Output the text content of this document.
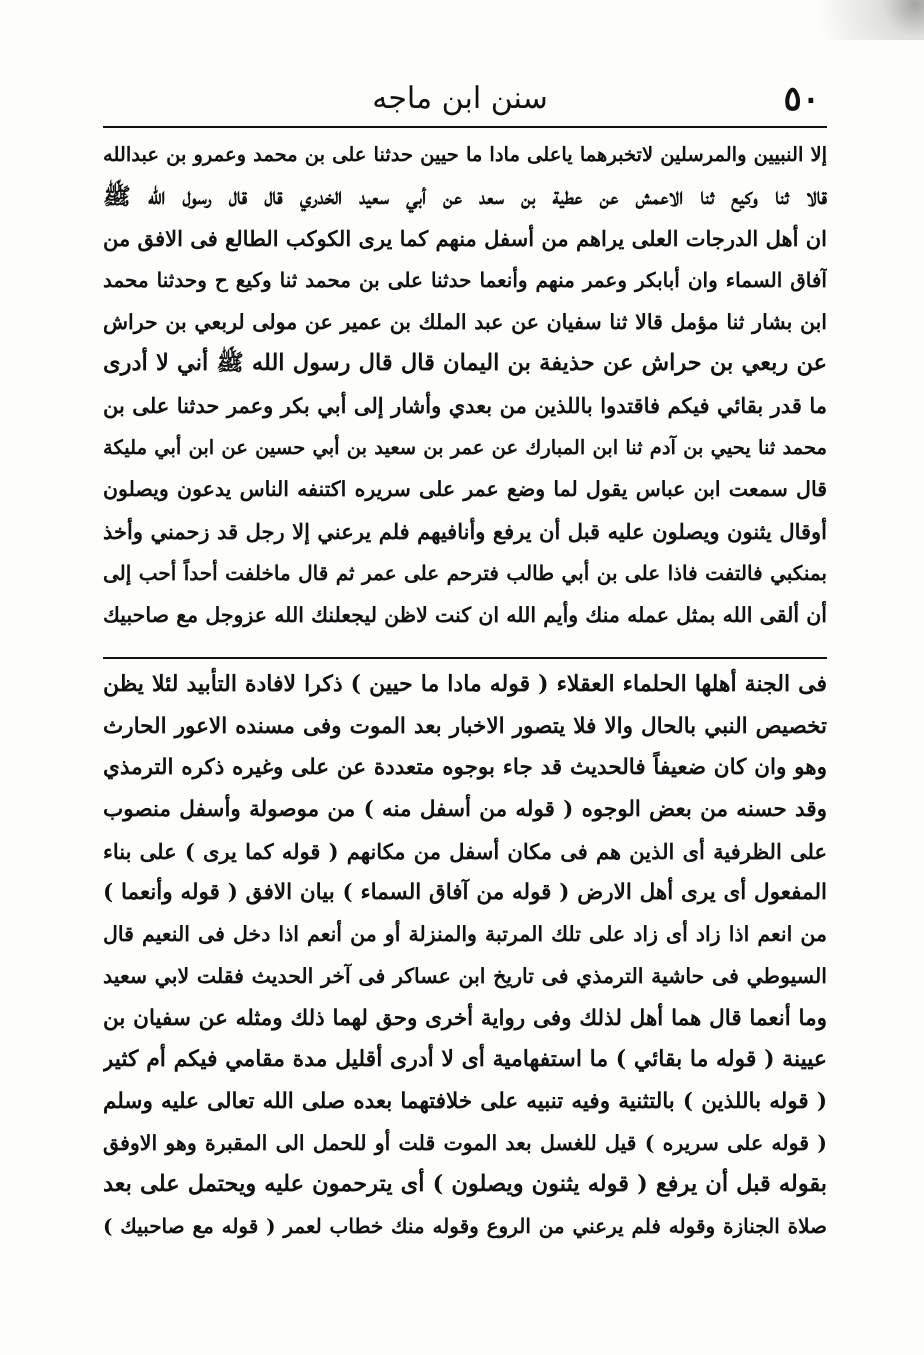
٥٠
سنن ابن ماجه
إلا النبيين والمرسلين لاتخبرهما ياعلى مادا ما حيين حدثنا على بن محمد وعمرو بن عبدالله
قالا ثنا وكيع ثنا الاعمش عن عطية بن سعد عن أبي سعيد الخدري قال قال رسول الله ﷺ
ان أهل الدرجات العلى يراهم من أسفل منهم كما يرى الكوكب الطالع فى الافق من
آفاق السماء وان أبابكر وعمر منهم وأنعما حدثنا على بن محمد ثنا وكيع ح وحدثنا محمد
ابن بشار ثنا مؤمل قالا ثنا سفيان عن عبد الملك بن عمير عن مولى لربعي بن حراش
عن ربعي بن حراش عن حذيفة بن اليمان قال قال رسول الله ﷺ أني لا أدرى
ما قدر بقائي فيكم فاقتدوا باللذين من بعدي وأشار إلى أبي بكر وعمر حدثنا على بن
محمد ثنا يحيي بن آدم ثنا ابن المبارك عن عمر بن سعيد بن أبي حسين عن ابن أبي مليكة
قال سمعت ابن عباس يقول لما وضع عمر على سريره اكتنفه الناس يدعون ويصلون
أوقال يثنون ويصلون عليه قبل أن يرفع وأنافيهم فلم يرعني إلا رجل قد زحمني وأخذ
بمنكبي فالتفت فاذا على بن أبي طالب فترحم على عمر ثم قال ماخلفت أحداً أحب إلى
أن ألقى الله بمثل عمله منك وأيم الله ان كنت لاظن ليجعلنك الله عزوجل مع صاحبيك
فى الجنة أهلها الحلماء العقلاء ( قوله مادا ما حيين ) ذكرا لافادة التأبيد لئلا يظن
تخصيص النبي بالحال والا فلا يتصور الاخبار بعد الموت وفى مسنده الاعور الحارث
وهو وان كان ضعيفاً فالحديث قد جاء بوجوه متعددة عن على وغيره ذكره الترمذي
وقد حسنه من بعض الوجوه ( قوله من أسفل منه ) من موصولة وأسفل منصوب
على الظرفية أى الذين هم فى مكان أسفل من مكانهم ( قوله كما يرى ) على بناء
المفعول أى يرى أهل الارض ( قوله من آفاق السماء ) بيان الافق ( قوله وأنعما )
من انعم اذا زاد أى زاد على تلك المرتبة والمنزلة أو من أنعم اذا دخل فى النعيم قال
السيوطي فى حاشية الترمذي فى تاريخ ابن عساكر فى آخر الحديث فقلت لابي سعيد
وما أنعما قال هما أهل لذلك وفى رواية أخرى وحق لهما ذلك ومثله عن سفيان بن
عيينة ( قوله ما بقائي ) ما استفهامية أى لا أدرى أقليل مدة مقامي فيكم أم كثير
( قوله باللذين ) بالتثنية وفيه تنبيه على خلافتهما بعده صلى الله تعالى عليه وسلم
( قوله على سريره ) قيل للغسل بعد الموت قلت أو للحمل الى المقبرة وهو الاوفق
بقوله قبل أن يرفع ( قوله يثنون ويصلون ) أى يترحمون عليه ويحتمل على بعد
صلاة الجنازة وقوله فلم يرعني من الروع وقوله منك خطاب لعمر ( قوله مع صاحبيك )
